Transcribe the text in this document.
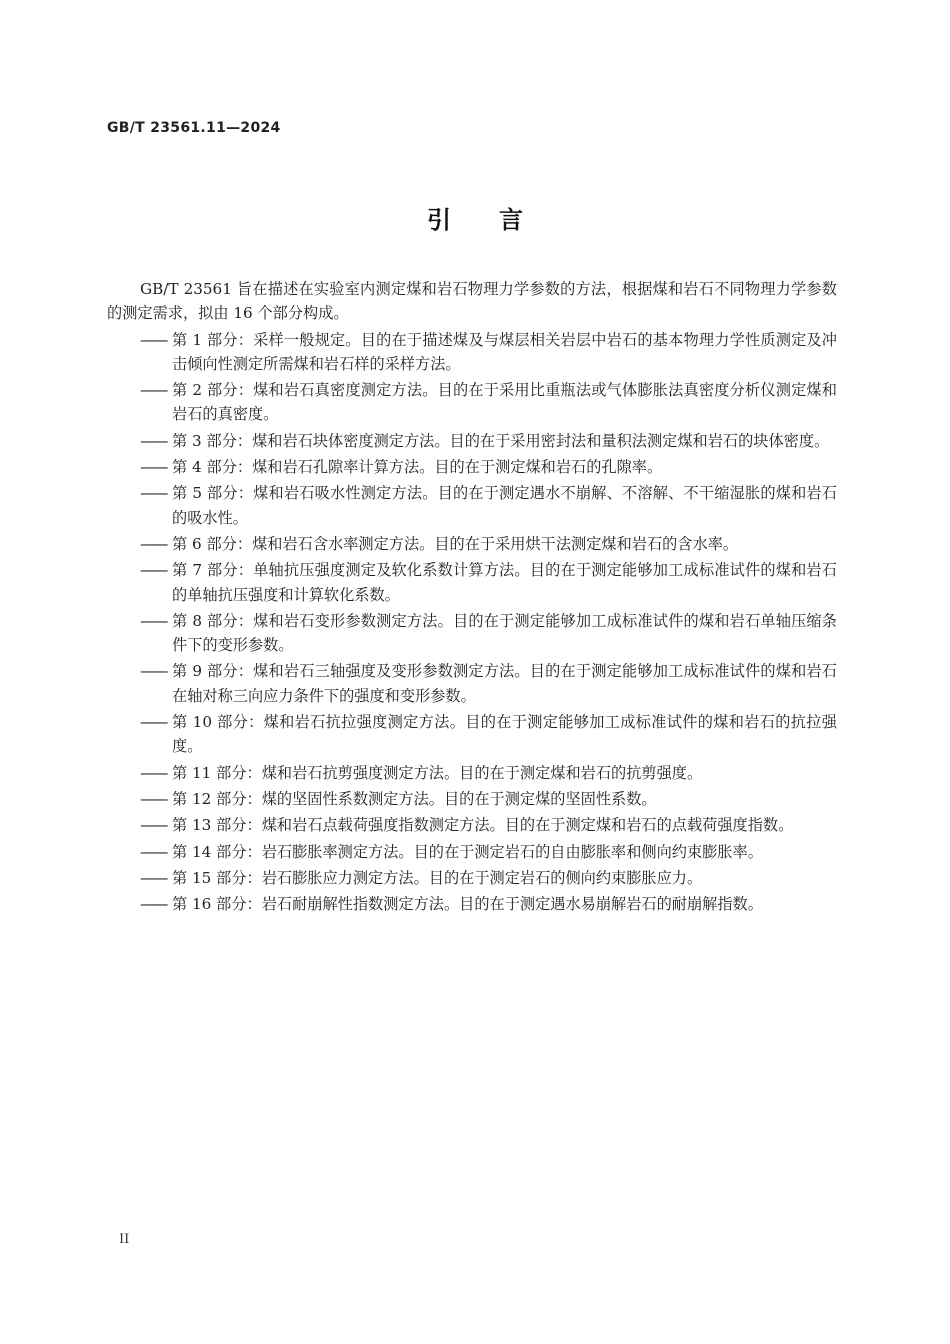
GB/T 23561.11—2024
引言

GB/T 23561 旨在描述在实验室内测定煤和岩石物理力学参数的方法，根据煤和岩石不同物理力学参数的测定需求，拟由 16 个部分构成。

—— 第 1 部分：采样一般规定。目的在于描述煤及与煤层相关岩层中岩石的基本物理力学性质测定及冲击倾向性测定所需煤和岩石样的采样方法。
—— 第 2 部分：煤和岩石真密度测定方法。目的在于采用比重瓶法或气体膨胀法真密度分析仪测定煤和岩石的真密度。
—— 第 3 部分：煤和岩石块体密度测定方法。目的在于采用密封法和量积法测定煤和岩石的块体密度。
—— 第 4 部分：煤和岩石孔隙率计算方法。目的在于测定煤和岩石的孔隙率。
—— 第 5 部分：煤和岩石吸水性测定方法。目的在于测定遇水不崩解、不溶解、不干缩湿胀的煤和岩石的吸水性。
—— 第 6 部分：煤和岩石含水率测定方法。目的在于采用烘干法测定煤和岩石的含水率。
—— 第 7 部分：单轴抗压强度测定及软化系数计算方法。目的在于测定能够加工成标准试件的煤和岩石的单轴抗压强度和计算软化系数。
—— 第 8 部分：煤和岩石变形参数测定方法。目的在于测定能够加工成标准试件的煤和岩石单轴压缩条件下的变形参数。
—— 第 9 部分：煤和岩石三轴强度及变形参数测定方法。目的在于测定能够加工成标准试件的煤和岩石在轴对称三向应力条件下的强度和变形参数。
—— 第 10 部分：煤和岩石抗拉强度测定方法。目的在于测定能够加工成标准试件的煤和岩石的抗拉强度。
—— 第 11 部分：煤和岩石抗剪强度测定方法。目的在于测定煤和岩石的抗剪强度。
—— 第 12 部分：煤的坚固性系数测定方法。目的在于测定煤的坚固性系数。
—— 第 13 部分：煤和岩石点载荷强度指数测定方法。目的在于测定煤和岩石的点载荷强度指数。
—— 第 14 部分：岩石膨胀率测定方法。目的在于测定岩石的自由膨胀率和侧向约束膨胀率。
—— 第 15 部分：岩石膨胀应力测定方法。目的在于测定岩石的侧向约束膨胀应力。
—— 第 16 部分：岩石耐崩解性指数测定方法。目的在于测定遇水易崩解岩石的耐崩解指数。
II
